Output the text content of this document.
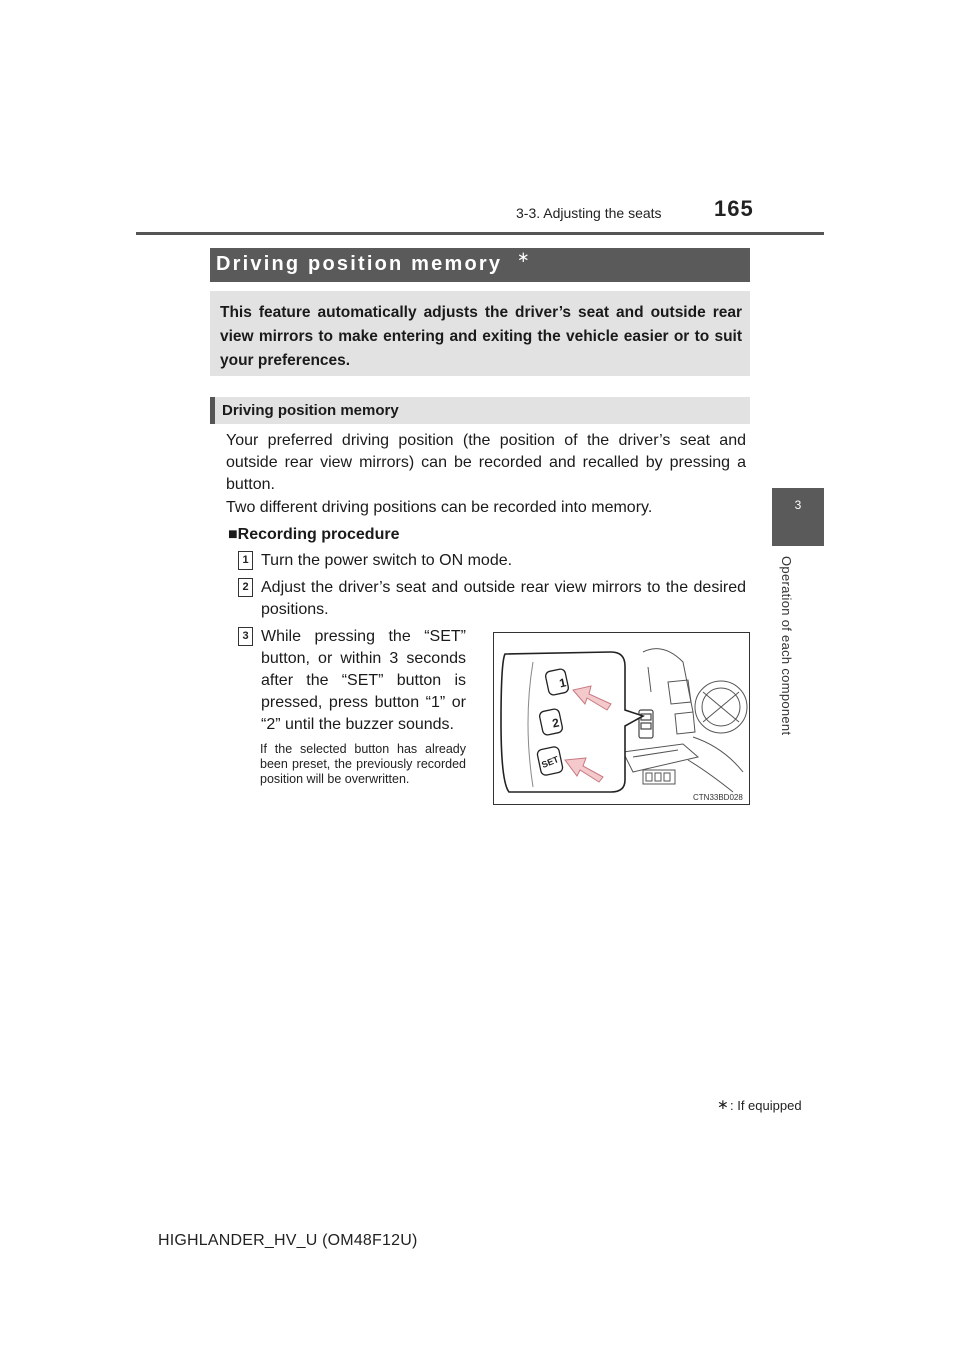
3-3. Adjusting the seats 165
3
Operation of each component
Driving position memory ∗
This feature automatically adjusts the driver’s seat and outside rear view mirrors to make entering and exiting the vehicle easier or to suit your preferences.
Driving position memory
Your preferred driving position (the position of the driver’s seat and outside rear view mirrors) can be recorded and recalled by pressing a button.
Two different driving positions can be recorded into memory.
■Recording procedure
1 Turn the power switch to ON mode.
2 Adjust the driver’s seat and outside rear view mirrors to the desired positions.
3 While pressing the “SET” button, or within 3 seconds after the “SET” button is pressed, press button “1” or “2” until the buzzer sounds.
If the selected button has already been preset, the previously recorded position will be overwritten.
1
2
SET
CTN33BD028
∗ : If equipped
HIGHLANDER_HV_U (OM48F12U)
